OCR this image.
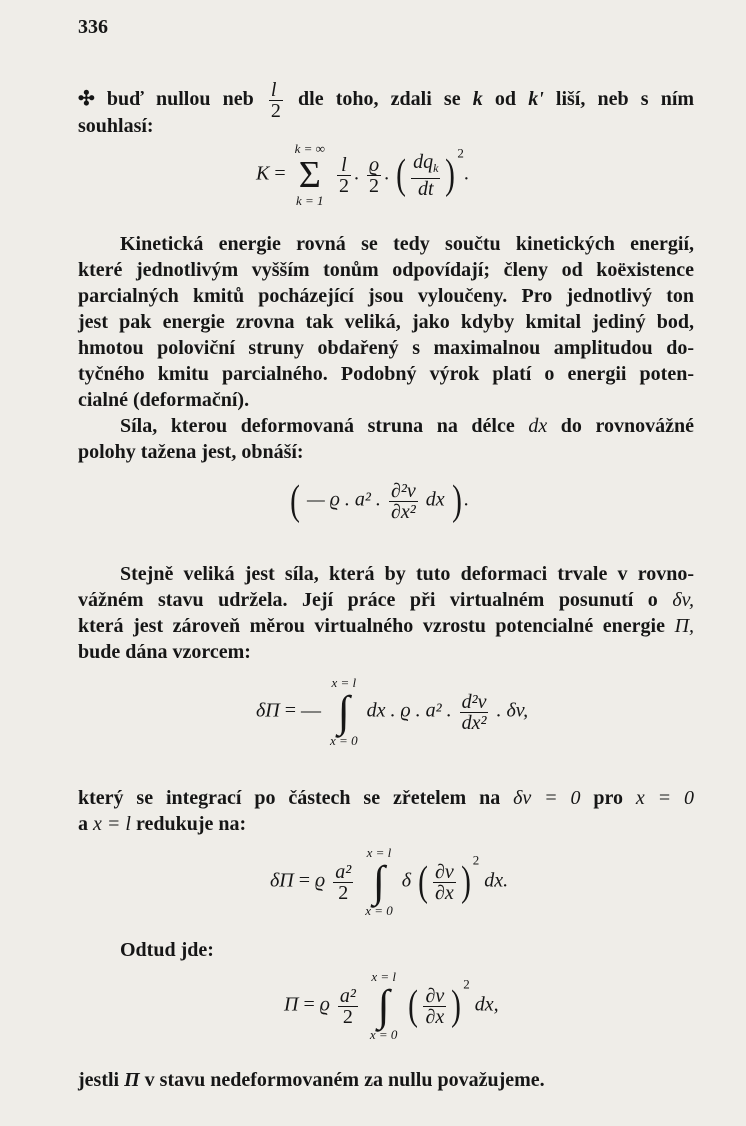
336
✣ buď nullou neb $\frac{l}{2}$ dle toho, zdali se k od k' liší, neb s ním
souhlasí:
K =
k = ∞
Σ
k = 1

$\frac{l}{2}$ . $\frac{ϱ}{2}$ . ( $\frac{dq_k}{dt}$ ) $^2$.
Kinetická energie rovná se tedy součtu kinetických energií,
které jednotlivým vyšším tonům odpovídají; členy od koëxistence
parcialných kmitů pocházející jsou vyloučeny. Pro jednotlivý ton
jest pak energie zrovna tak veliká, jako kdyby kmital jediný bod,
hmotou poloviční struny obdařený s maximalnou amplitudou do-
tyčného kmitu parcialného. Podobný výrok platí o energii poten-
cialné (deformační).
Síla, kterou deformovaná struna na délce dx do rovnovážné
polohy tažena jest, obnáší:
( — ϱ . a² . $\frac{\text{∂²v}}{\text{∂x²}}$ dx ) .
Stejně veliká jest síla, která by tuto deformaci trvale v rovno-
vážném stavu udržela. Její práce při virtualném posunutí o δv,
která jest zároveň měrou virtualného vzrostu potencialné energie Π,
bude dána vzorcem:
δΠ = —
x = l
∫
x = 0
dx . ϱ . a² . $\frac{\text{d²v}}{\text{dx²}}$ . δv,
který se integrací po částech se zřetelem na δv = 0 pro x = 0
a x = l redukuje na:
δΠ = ϱ $\frac{\text{a²}}{2}$

x = l
∫
x = 0
δ ( $\frac{\partial v}{\partial x}$ ) $^2$ dx.
Odtud jde:
Π = ϱ $\frac{\text{a²}}{2}$

x = l
∫
x = 0
( $\frac{\partial v}{\partial x}$ ) $^2$ dx,
jestli Π v stavu nedeformovaném za nullu považujeme.
